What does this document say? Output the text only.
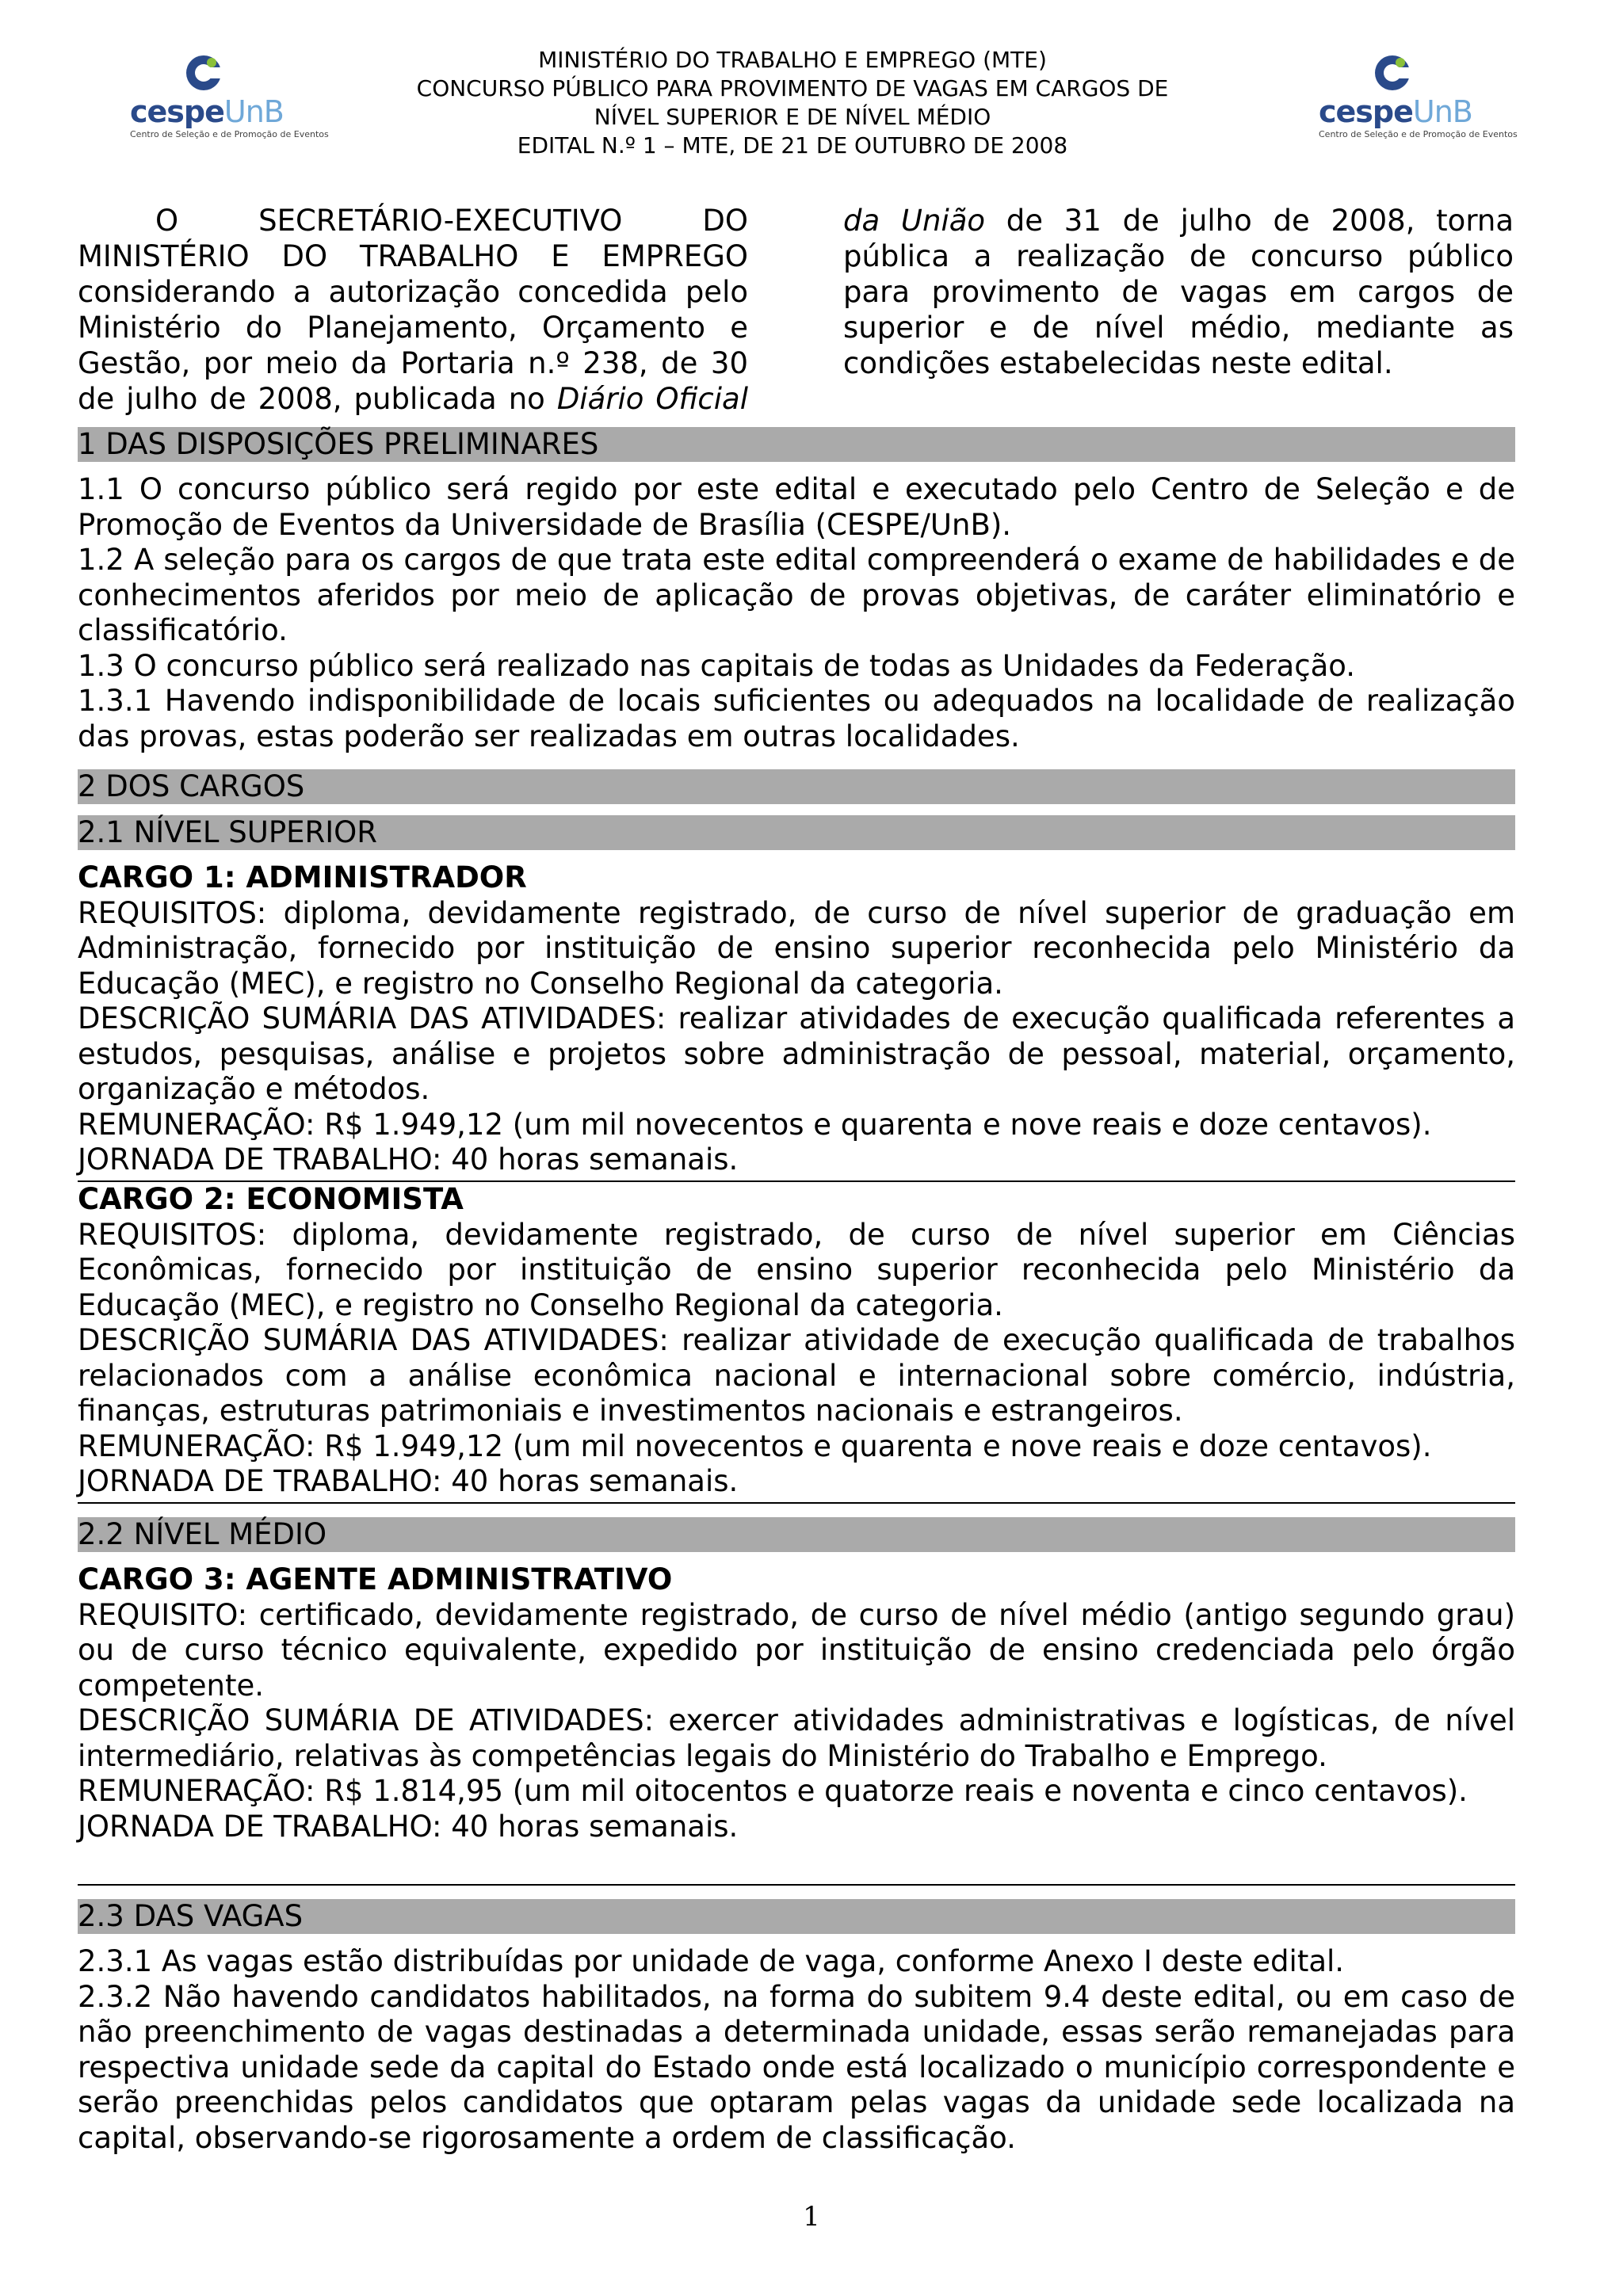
cespeUnB
Centro de Seleção e de Promoção de Eventos
cespeUnB
Centro de Seleção e de Promoção de Eventos
MINISTÉRIO DO TRABALHO E EMPREGO (MTE)
CONCURSO PÚBLICO PARA PROVIMENTO DE VAGAS EM CARGOS DE
NÍVEL SUPERIOR E DE NÍVEL MÉDIO
EDITAL N.º 1 – MTE, DE 21 DE OUTUBRO DE 2008
O SECRETÁRIO-EXECUTIVO DO
MINISTÉRIO DO TRABALHO E EMPREGO
considerando a autorização concedida pelo
Ministério do Planejamento, Orçamento e
Gestão, por meio da Portaria n.º 238, de 30
de julho de 2008, publicada no Diário Oficial
da União de 31 de julho de 2008, torna
pública a realização de concurso público
para provimento de vagas em cargos de
superior e de nível médio, mediante as
condições estabelecidas neste edital.
1 DAS DISPOSIÇÕES PRELIMINARES
1.1 O concurso público será regido por este edital e executado pelo Centro de Seleção e de
Promoção de Eventos da Universidade de Brasília (CESPE/UnB).
1.2 A seleção para os cargos de que trata este edital compreenderá o exame de habilidades e de
conhecimentos aferidos por meio de aplicação de provas objetivas, de caráter eliminatório e
classificatório.
1.3 O concurso público será realizado nas capitais de todas as Unidades da Federação.
1.3.1 Havendo indisponibilidade de locais suficientes ou adequados na localidade de realização
das provas, estas poderão ser realizadas em outras localidades.
2 DOS CARGOS
2.1 NÍVEL SUPERIOR
CARGO 1: ADMINISTRADOR
REQUISITOS: diploma, devidamente registrado, de curso de nível superior de graduação em
Administração, fornecido por instituição de ensino superior reconhecida pelo Ministério da
Educação (MEC), e registro no Conselho Regional da categoria.
DESCRIÇÃO SUMÁRIA DAS ATIVIDADES: realizar atividades de execução qualificada referentes a
estudos, pesquisas, análise e projetos sobre administração de pessoal, material, orçamento,
organização e métodos.
REMUNERAÇÃO: R$ 1.949,12 (um mil novecentos e quarenta e nove reais e doze centavos).
JORNADA DE TRABALHO: 40 horas semanais.
CARGO 2: ECONOMISTA
REQUISITOS: diploma, devidamente registrado, de curso de nível superior em Ciências
Econômicas, fornecido por instituição de ensino superior reconhecida pelo Ministério da
Educação (MEC), e registro no Conselho Regional da categoria.
DESCRIÇÃO SUMÁRIA DAS ATIVIDADES: realizar atividade de execução qualificada de trabalhos
relacionados com a análise econômica nacional e internacional sobre comércio, indústria,
finanças, estruturas patrimoniais e investimentos nacionais e estrangeiros.
REMUNERAÇÃO: R$ 1.949,12 (um mil novecentos e quarenta e nove reais e doze centavos).
JORNADA DE TRABALHO: 40 horas semanais.
2.2 NÍVEL MÉDIO
CARGO 3: AGENTE ADMINISTRATIVO
REQUISITO: certificado, devidamente registrado, de curso de nível médio (antigo segundo grau)
ou de curso técnico equivalente, expedido por instituição de ensino credenciada pelo órgão
competente.
DESCRIÇÃO SUMÁRIA DE ATIVIDADES: exercer atividades administrativas e logísticas, de nível
intermediário, relativas às competências legais do Ministério do Trabalho e Emprego.
REMUNERAÇÃO: R$ 1.814,95 (um mil oitocentos e quatorze reais e noventa e cinco centavos).
JORNADA DE TRABALHO: 40 horas semanais.
2.3 DAS VAGAS
2.3.1 As vagas estão distribuídas por unidade de vaga, conforme Anexo I deste edital.
2.3.2 Não havendo candidatos habilitados, na forma do subitem 9.4 deste edital, ou em caso de
não preenchimento de vagas destinadas a determinada unidade, essas serão remanejadas para
respectiva unidade sede da capital do Estado onde está localizado o município correspondente e
serão preenchidas pelos candidatos que optaram pelas vagas da unidade sede localizada na
capital, observando-se rigorosamente a ordem de classificação.
1
